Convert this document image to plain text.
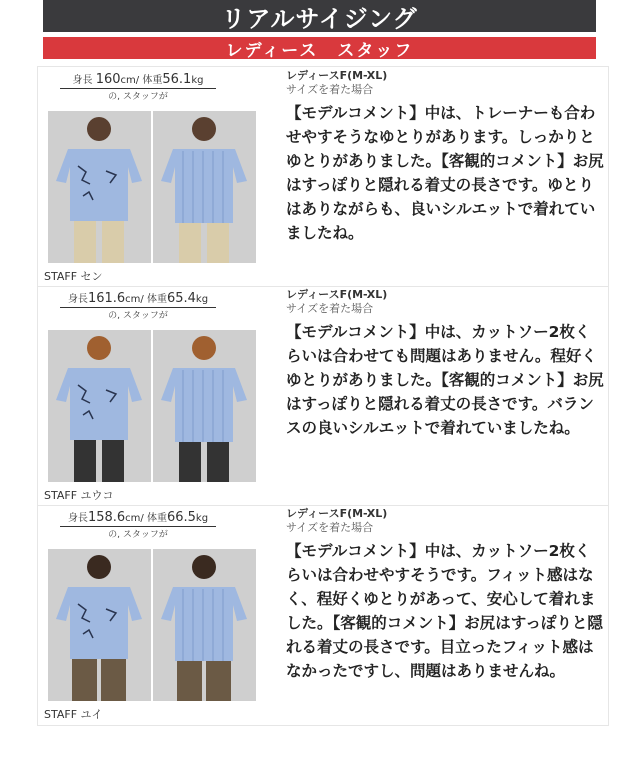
リアルサイジング
レディース　スタッフ
身長 160cm/ 体重56.1kg
の, スタッフが
STAFF セン
レディースF(M-XL)
サイズを着た場合
【モデルコメント】中は、トレーナーも合わせやすそうなゆとりがあります。しっかりとゆとりがありました。【客観的コメント】お尻はすっぽりと隠れる着丈の長さです。ゆとりはありながらも、良いシルエットで着れていましたね。
身長161.6cm/ 体重65.4kg
の, スタッフが
STAFF ユウコ
レディースF(M-XL)
サイズを着た場合
【モデルコメント】中は、カットソー2枚くらいは合わせても問題はありません。程好くゆとりがありました。【客観的コメント】お尻はすっぽりと隠れる着丈の長さです。バランスの良いシルエットで着れていましたね。
身長158.6cm/ 体重66.5kg
の, スタッフが
STAFF ユイ
レディースF(M-XL)
サイズを着た場合
【モデルコメント】中は、カットソー2枚くらいは合わせやすそうです。フィット感はなく、程好くゆとりがあって、安心して着れました。【客観的コメント】お尻はすっぽりと隠れる着丈の長さです。目立ったフィット感はなかったですし、問題はありませんね。
